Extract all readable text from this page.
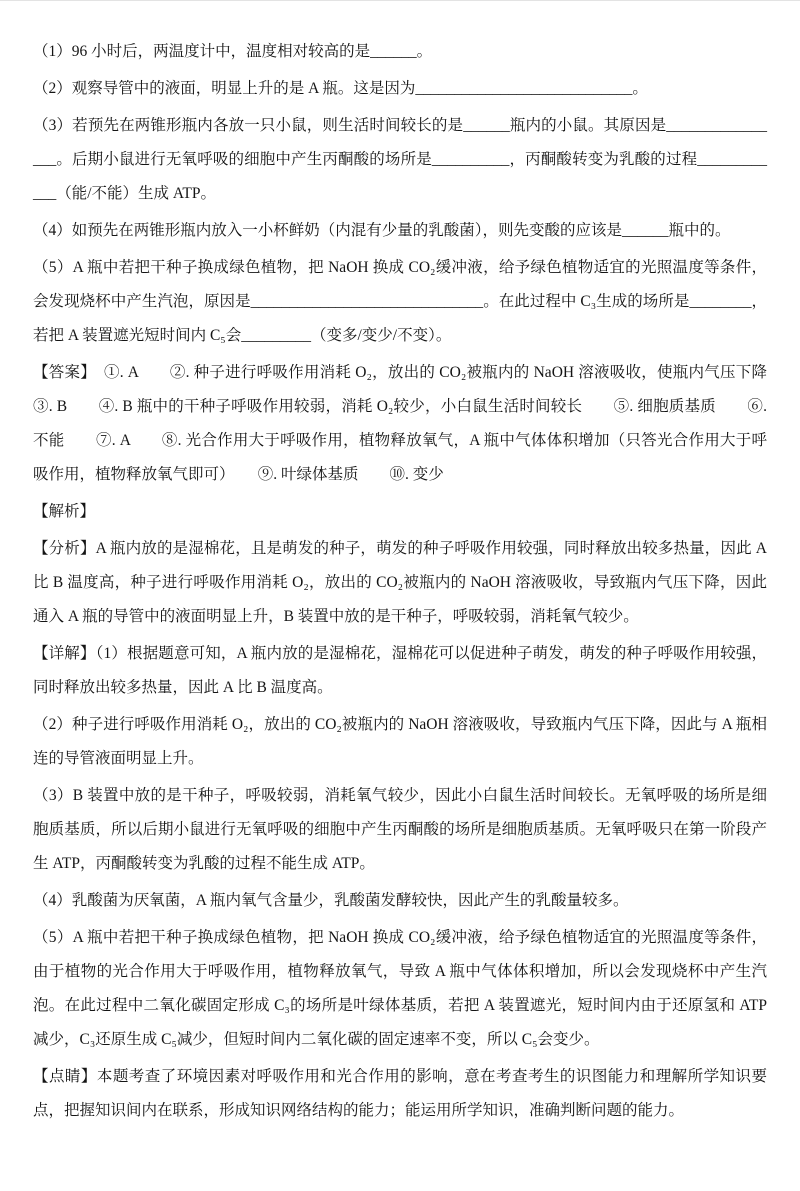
（1）96 小时后，两温度计中，温度相对较高的是______。

（2）观察导管中的液面，明显上升的是 A 瓶。这是因为____________________________。

（3）若预先在两锥形瓶内各放一只小鼠，则生活时间较长的是______瓶内的小鼠。其原因是________________。后期小鼠进行无氧呼吸的细胞中产生丙酮酸的场所是__________，丙酮酸转变为乳酸的过程____________（能/不能）生成 ATP。

（4）如预先在两锥形瓶内放入一小杯鲜奶（内混有少量的乳酸菌），则先变酸的应该是______瓶中的。

（5）A 瓶中若把干种子换成绿色植物，把 NaOH 换成 CO₂缓冲液，给予绿色植物适宜的光照温度等条件，会发现烧杯中产生汽泡，原因是______________________________。在此过程中 C₃生成的场所是________，若把 A 装置遮光短时间内 C₅会_________（变多/变少/不变）。

【答案】　①. A　　②. 种子进行呼吸作用消耗 O₂，放出的 CO₂被瓶内的 NaOH 溶液吸收，使瓶内气压下降　　③. B　　④. B 瓶中的干种子呼吸作用较弱，消耗 O₂较少，小白鼠生活时间较长　　⑤. 细胞质基质　　⑥. 不能　　⑦. A　　⑧. 光合作用大于呼吸作用，植物释放氧气，A 瓶中气体体积增加（只答光合作用大于呼吸作用，植物释放氧气即可）　　⑨. 叶绿体基质　　⑩. 变少

【解析】

【分析】A 瓶内放的是湿棉花，且是萌发的种子，萌发的种子呼吸作用较强，同时释放出较多热量，因此 A 比 B 温度高，种子进行呼吸作用消耗 O₂，放出的 CO₂被瓶内的 NaOH 溶液吸收，导致瓶内气压下降，因此通入 A 瓶的导管中的液面明显上升，B 装置中放的是干种子，呼吸较弱，消耗氧气较少。

【详解】（1）根据题意可知，A 瓶内放的是湿棉花，湿棉花可以促进种子萌发，萌发的种子呼吸作用较强，同时释放出较多热量，因此 A 比 B 温度高。

（2）种子进行呼吸作用消耗 O₂，放出的 CO₂被瓶内的 NaOH 溶液吸收，导致瓶内气压下降，因此与 A 瓶相连的导管液面明显上升。

（3）B 装置中放的是干种子，呼吸较弱，消耗氧气较少，因此小白鼠生活时间较长。无氧呼吸的场所是细胞质基质，所以后期小鼠进行无氧呼吸的细胞中产生丙酮酸的场所是细胞质基质。无氧呼吸只在第一阶段产生 ATP，丙酮酸转变为乳酸的过程不能生成 ATP。

（4）乳酸菌为厌氧菌，A 瓶内氧气含量少，乳酸菌发酵较快，因此产生的乳酸量较多。

（5）A 瓶中若把干种子换成绿色植物，把 NaOH 换成 CO₂缓冲液，给予绿色植物适宜的光照温度等条件，由于植物的光合作用大于呼吸作用，植物释放氧气，导致 A 瓶中气体体积增加，所以会发现烧杯中产生汽泡。在此过程中二氧化碳固定形成 C₃的场所是叶绿体基质，若把 A 装置遮光，短时间内由于还原氢和 ATP 减少，C₃还原生成 C₅减少，但短时间内二氧化碳的固定速率不变，所以 C₅会变少。

【点睛】本题考查了环境因素对呼吸作用和光合作用的影响，意在考查考生的识图能力和理解所学知识要点，把握知识间内在联系，形成知识网络结构的能力；能运用所学知识，准确判断问题的能力。
